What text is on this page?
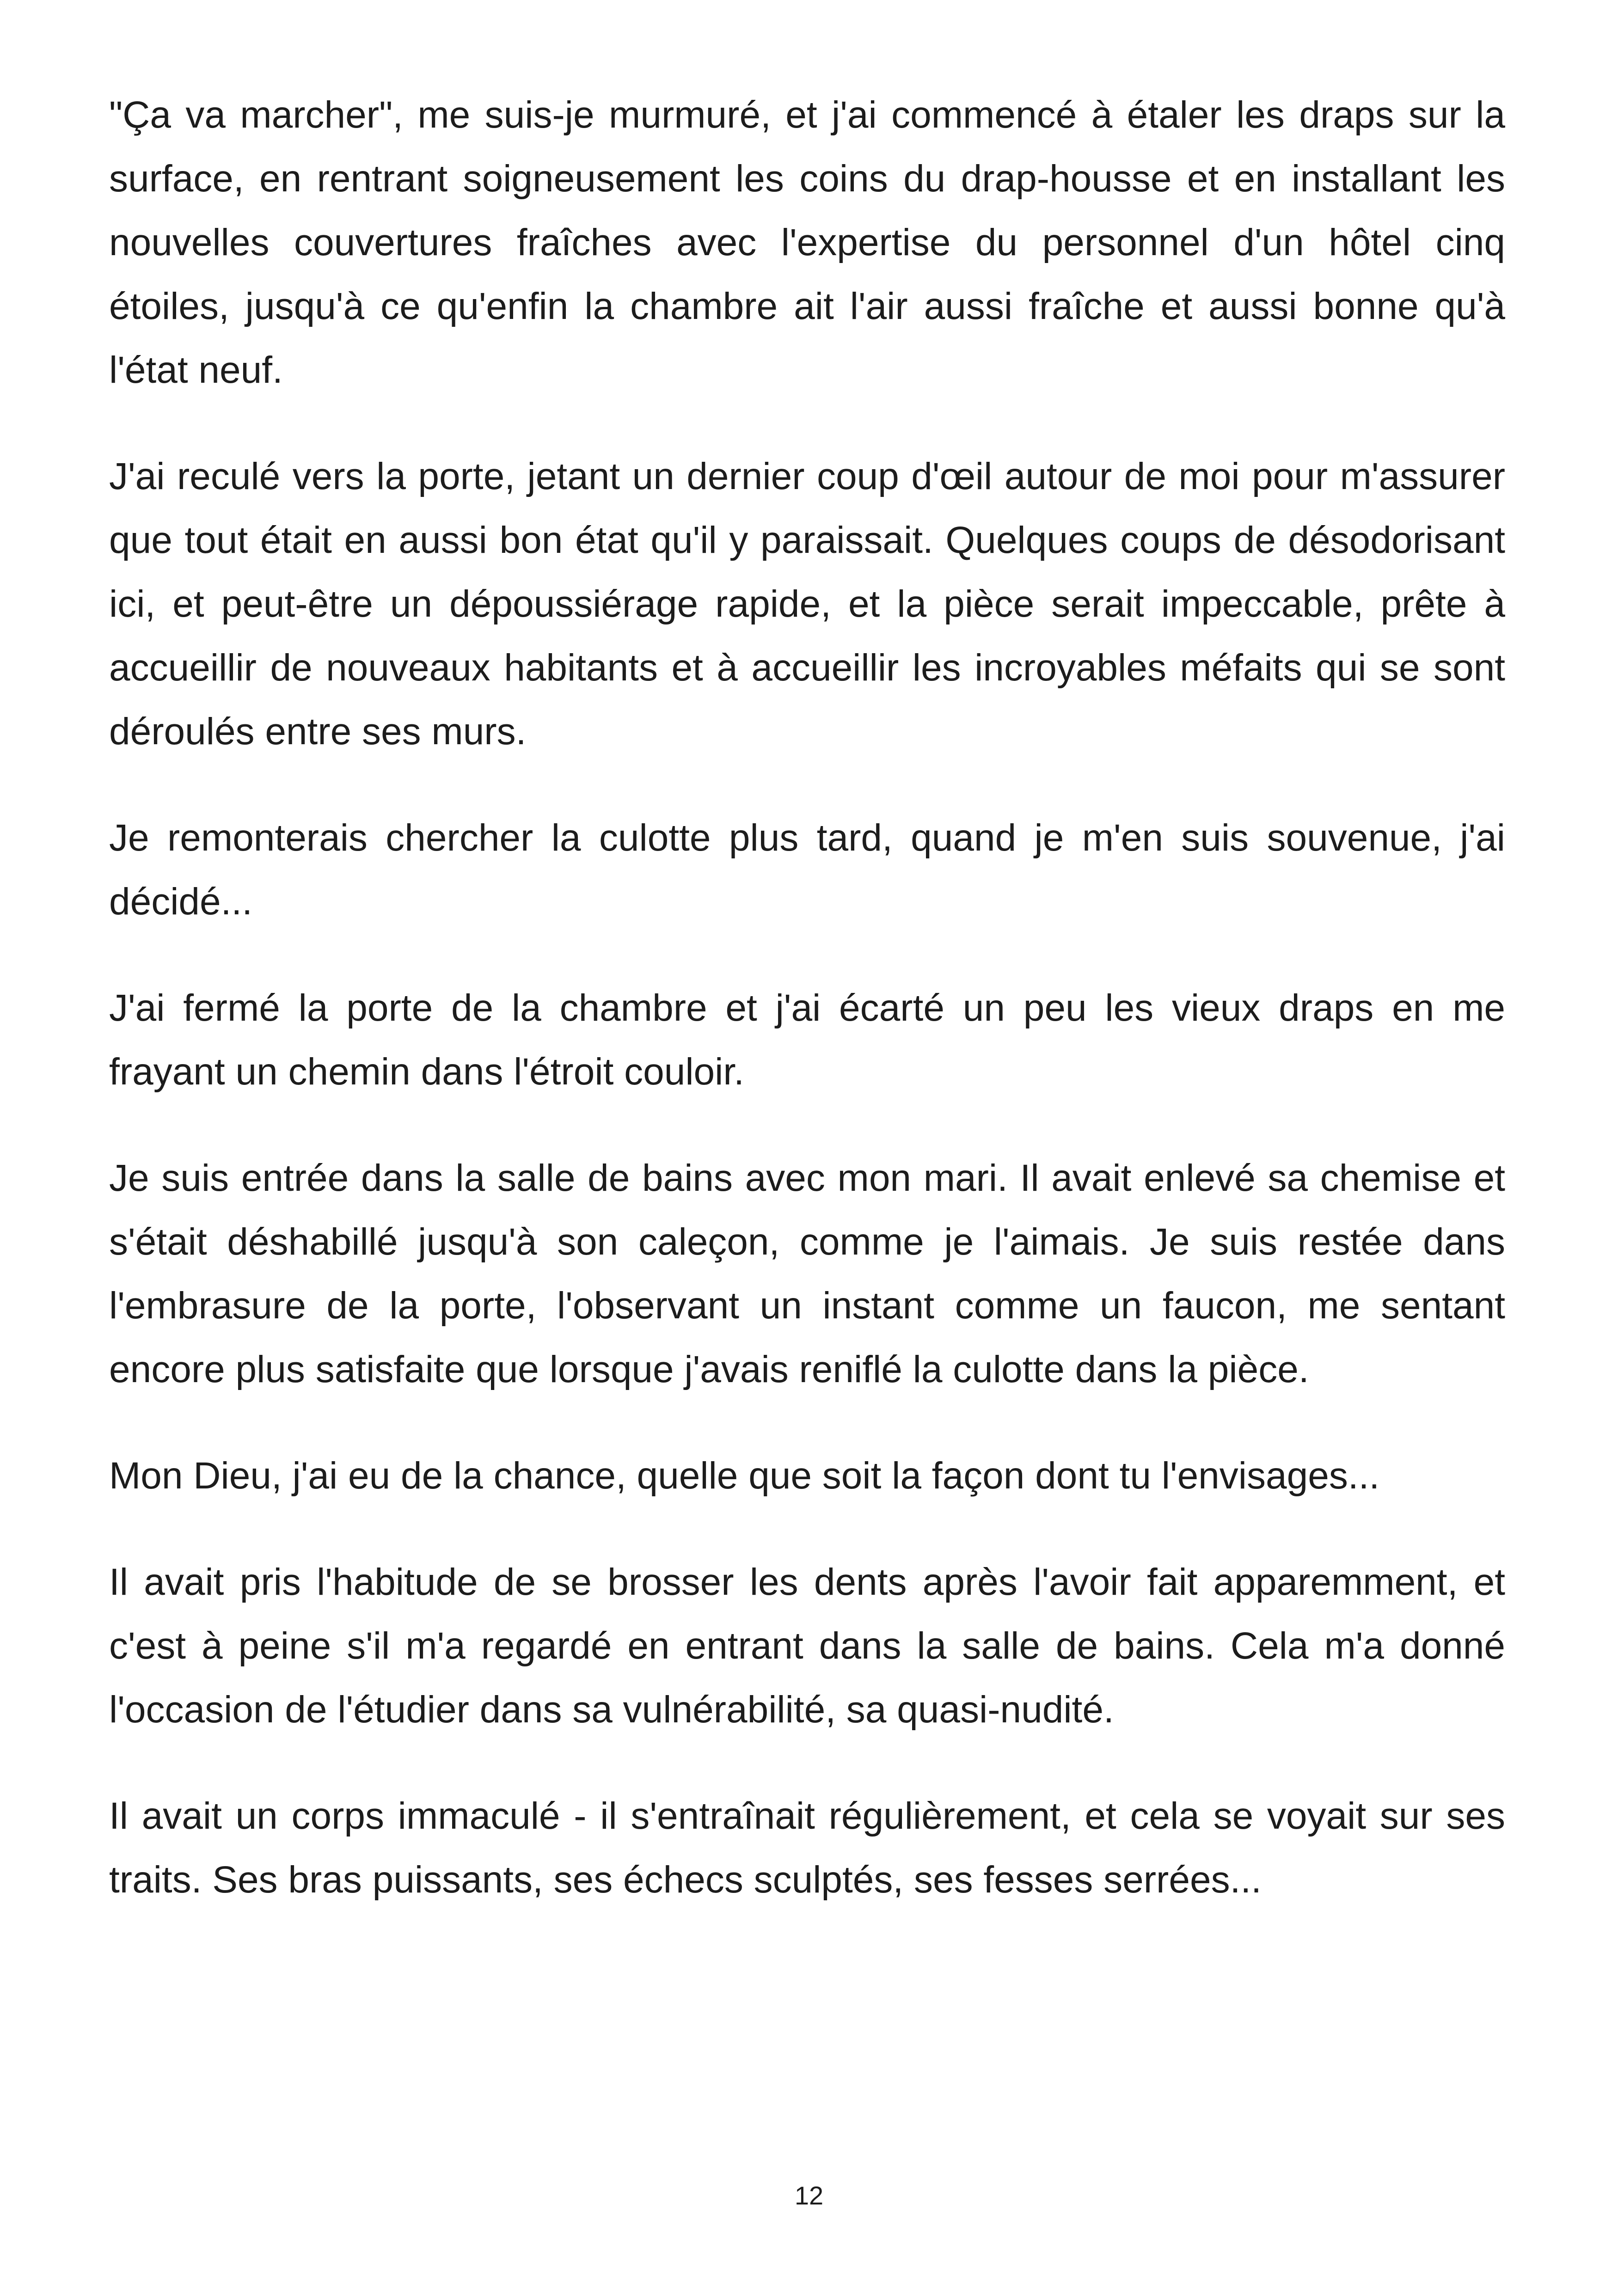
"Ça va marcher", me suis-je murmuré, et j'ai commencé à étaler les draps sur la surface, en rentrant soigneusement les coins du drap-housse et en installant les nouvelles couvertures fraîches avec l'expertise du personnel d'un hôtel cinq étoiles, jusqu'à ce qu'enfin la chambre ait l'air aussi fraîche et aussi bonne qu'à l'état neuf.

J'ai reculé vers la porte, jetant un dernier coup d'œil autour de moi pour m'assurer que tout était en aussi bon état qu'il y paraissait. Quelques coups de désodorisant ici, et peut-être un dépoussiérage rapide, et la pièce serait impeccable, prête à accueillir de nouveaux habitants et à accueillir les incroyables méfaits qui se sont déroulés entre ses murs.

Je remonterais chercher la culotte plus tard, quand je m'en suis souvenue, j'ai décidé...

J'ai fermé la porte de la chambre et j'ai écarté un peu les vieux draps en me frayant un chemin dans l'étroit couloir.

Je suis entrée dans la salle de bains avec mon mari. Il avait enlevé sa chemise et s'était déshabillé jusqu'à son caleçon, comme je l'aimais. Je suis restée dans l'embrasure de la porte, l'observant un instant comme un faucon, me sentant encore plus satisfaite que lorsque j'avais reniflé la culotte dans la pièce.

Mon Dieu, j'ai eu de la chance, quelle que soit la façon dont tu l'envisages...

Il avait pris l'habitude de se brosser les dents après l'avoir fait apparemment, et c'est à peine s'il m'a regardé en entrant dans la salle de bains. Cela m'a donné l'occasion de l'étudier dans sa vulnérabilité, sa quasi-nudité.

Il avait un corps immaculé - il s'entraînait régulièrement, et cela se voyait sur ses traits. Ses bras puissants, ses échecs sculptés, ses fesses serrées...

12
